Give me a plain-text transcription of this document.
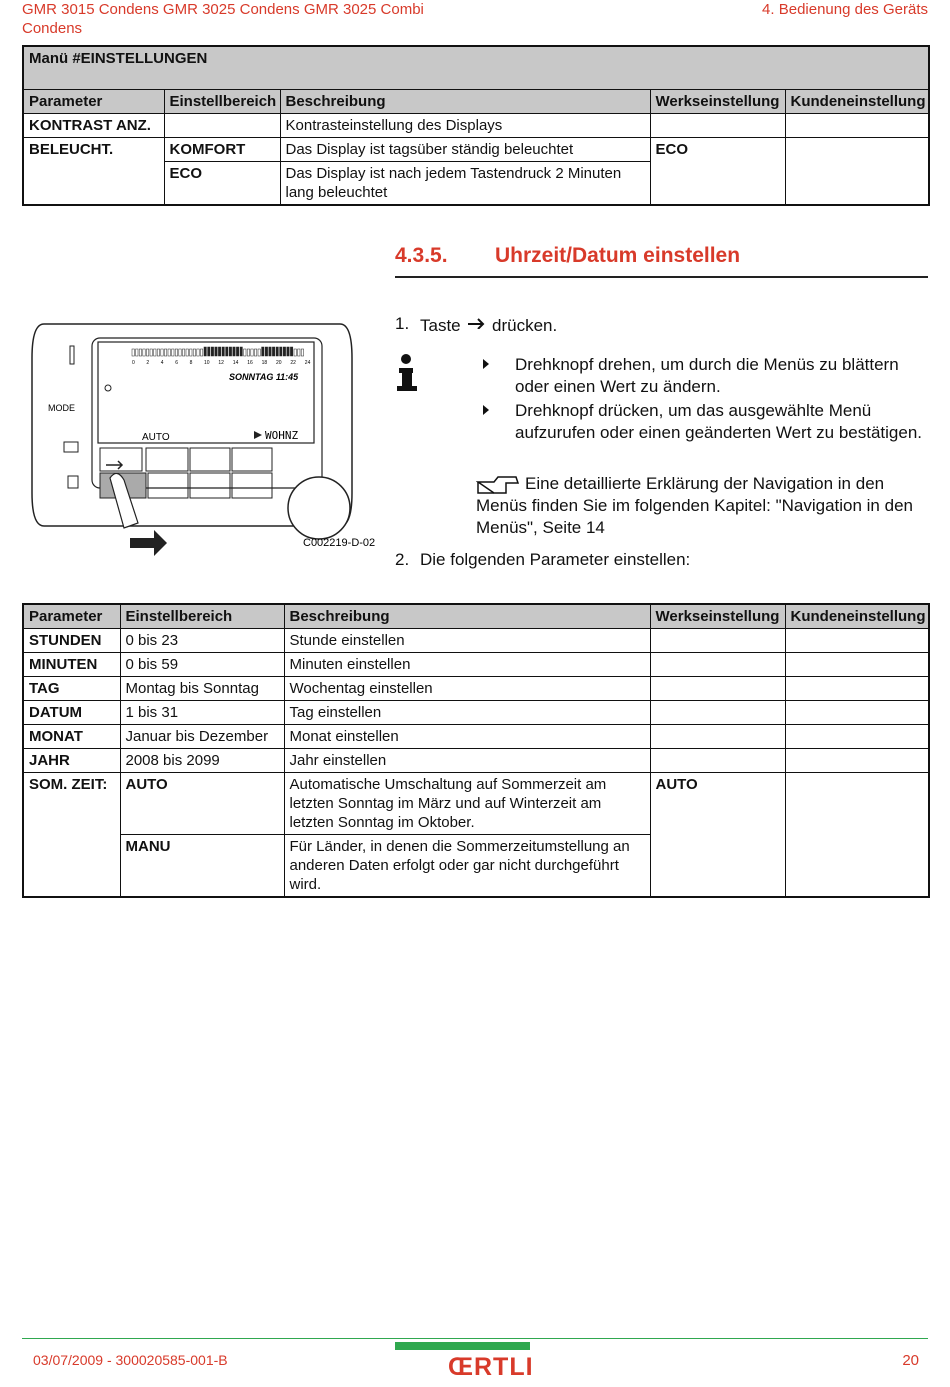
GMR 3015 Condens GMR 3025 Condens GMR 3025 Combi Condens
4. Bedienung des Geräts
Manü #EINSTELLUNGEN				
Parameter	Einstellbereich	Beschreibung	Werkseinstellung	Kundeneinstellung
KONTRAST ANZ.		Kontrasteinstellung des Displays		
BELEUCHT.	KOMFORT	Das Display ist tagsüber ständig beleuchtet	ECO	
	ECO	Das Display ist nach jedem Tastendruck 2 Minuten lang beleuchtet		
4.3.5. Uhrzeit/Datum einstellen
0 2 4 6 8 10 12 14 16 18 20 22 24
SONNTAG 11:45
AUTO	WOHNZ
MODE
C002219-D-02
1. Taste drücken.
Drehknopf drehen, um durch die Menüs zu blättern oder einen Wert zu ändern.
Drehknopf drücken, um das ausgewählte Menü aufzurufen oder einen geänderten Wert zu bestätigen.
Eine detaillierte Erklärung der Navigation in den Menüs finden Sie im folgenden Kapitel: "Navigation in den Menüs", Seite 14
2. Die folgenden Parameter einstellen:
Parameter	Einstellbereich	Beschreibung	Werkseinstellung	Kundeneinstellung
STUNDEN	0 bis 23	Stunde einstellen		
MINUTEN	0 bis 59	Minuten einstellen		
TAG	Montag bis Sonntag	Wochentag einstellen		
DATUM	1 bis 31	Tag einstellen		
MONAT	Januar bis Dezember	Monat einstellen		
JAHR	2008 bis 2099	Jahr einstellen		
SOM. ZEIT:	AUTO	Automatische Umschaltung auf Sommerzeit am letzten Sonntag im März und auf Winterzeit am letzten Sonntag im Oktober.	AUTO	
	MANU	Für Länder, in denen die Sommerzeitumstellung an anderen Daten erfolgt oder gar nicht durchgeführt wird.		
03/07/2009 - 300020585-001-B	ŒRTLI	20
